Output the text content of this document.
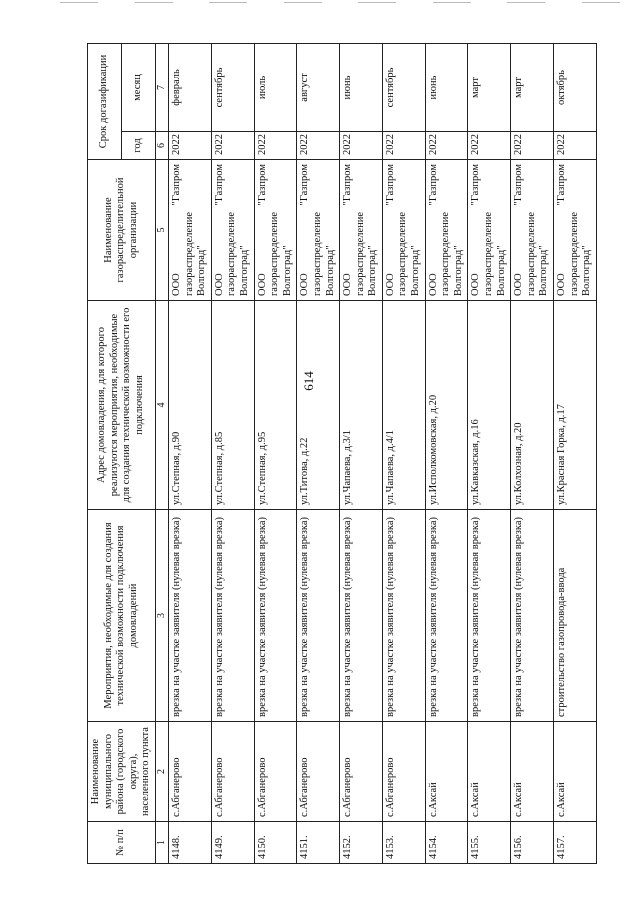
614
№ п/п	Наименование муниципального района (городского округа), населенного пункта	Мероприятия, необходимые для создания технической возможности подключения домовладений	Адрес домовладения, для которого реализуются мероприятия, необходимые для создания технической возможности его подключения	Наименование газораспределительной организации	Срок догазификации	
					год	месяц
1	2	3	4	5	6	7
4148.	с.Абганерово	врезка на участке заявителя (нулевая врезка)	ул.Степная, д.90	ООО "Газпром газораспределение Волгоград"	2022	февраль
4149.	с.Абганерово	врезка на участке заявителя (нулевая врезка)	ул.Степная, д.85	ООО "Газпром газораспределение Волгоград"	2022	сентябрь
4150.	с.Абганерово	врезка на участке заявителя (нулевая врезка)	ул.Степная, д.95	ООО "Газпром газораспределение Волгоград"	2022	июль
4151.	с.Абганерово	врезка на участке заявителя (нулевая врезка)	ул.Титова, д.22	ООО "Газпром газораспределение Волгоград"	2022	август
4152.	с.Абганерово	врезка на участке заявителя (нулевая врезка)	ул.Чапаева, д.3/1	ООО "Газпром газораспределение Волгоград"	2022	июнь
4153.	с.Абганерово	врезка на участке заявителя (нулевая врезка)	ул.Чапаева, д.4/1	ООО "Газпром газораспределение Волгоград"	2022	сентябрь
4154.	с.Аксай	врезка на участке заявителя (нулевая врезка)	ул.Исполкомовская, д.20	ООО "Газпром газораспределение Волгоград"	2022	июнь
4155.	с.Аксай	врезка на участке заявителя (нулевая врезка)	ул.Кавказская, д.16	ООО "Газпром газораспределение Волгоград"	2022	март
4156.	с.Аксай	врезка на участке заявителя (нулевая врезка)	ул.Колхозная, д.20	ООО "Газпром газораспределение Волгоград"	2022	март
4157.	с.Аксай	строительство газопровода-ввода	ул.Красная Горка, д.17	ООО "Газпром газораспределение Волгоград"	2022	октябрь
